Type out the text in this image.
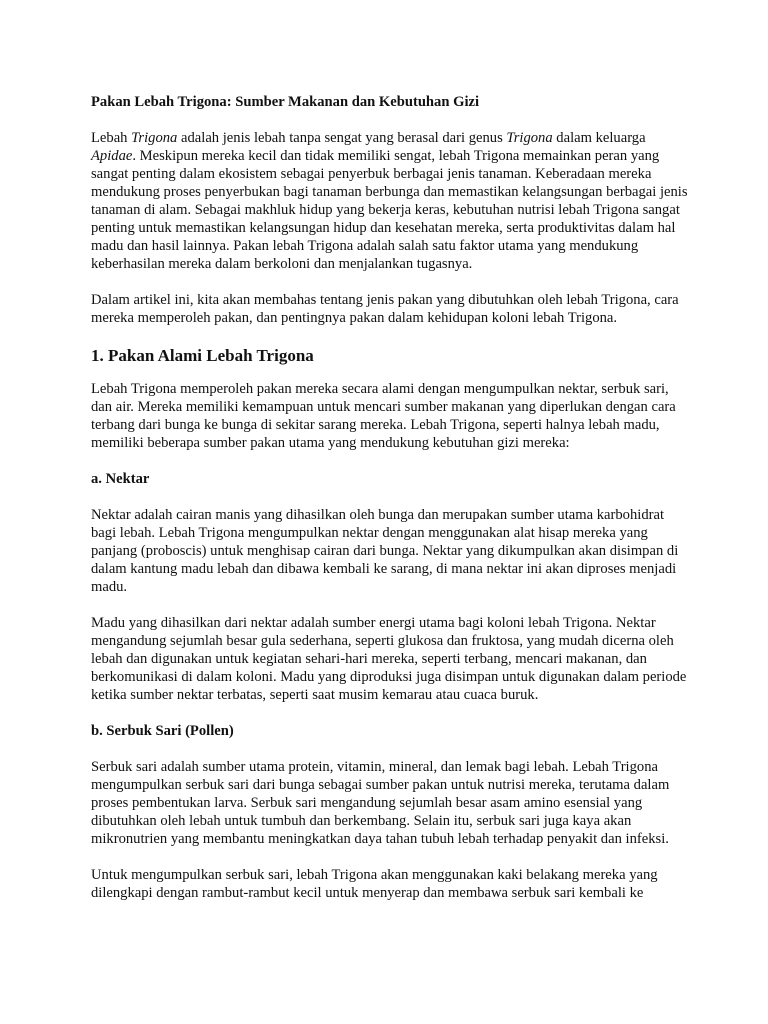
Pakan Lebah Trigona: Sumber Makanan dan Kebutuhan Gizi

Lebah Trigona adalah jenis lebah tanpa sengat yang berasal dari genus Trigona dalam keluarga Apidae. Meskipun mereka kecil dan tidak memiliki sengat, lebah Trigona memainkan peran yang sangat penting dalam ekosistem sebagai penyerbuk berbagai jenis tanaman. Keberadaan mereka mendukung proses penyerbukan bagi tanaman berbunga dan memastikan kelangsungan berbagai jenis tanaman di alam. Sebagai makhluk hidup yang bekerja keras, kebutuhan nutrisi lebah Trigona sangat penting untuk memastikan kelangsungan hidup dan kesehatan mereka, serta produktivitas dalam hal madu dan hasil lainnya. Pakan lebah Trigona adalah salah satu faktor utama yang mendukung keberhasilan mereka dalam berkoloni dan menjalankan tugasnya.

Dalam artikel ini, kita akan membahas tentang jenis pakan yang dibutuhkan oleh lebah Trigona, cara mereka memperoleh pakan, dan pentingnya pakan dalam kehidupan koloni lebah Trigona.

1. Pakan Alami Lebah Trigona

Lebah Trigona memperoleh pakan mereka secara alami dengan mengumpulkan nektar, serbuk sari, dan air. Mereka memiliki kemampuan untuk mencari sumber makanan yang diperlukan dengan cara terbang dari bunga ke bunga di sekitar sarang mereka. Lebah Trigona, seperti halnya lebah madu, memiliki beberapa sumber pakan utama yang mendukung kebutuhan gizi mereka:

a. Nektar

Nektar adalah cairan manis yang dihasilkan oleh bunga dan merupakan sumber utama karbohidrat bagi lebah. Lebah Trigona mengumpulkan nektar dengan menggunakan alat hisap mereka yang panjang (proboscis) untuk menghisap cairan dari bunga. Nektar yang dikumpulkan akan disimpan di dalam kantung madu lebah dan dibawa kembali ke sarang, di mana nektar ini akan diproses menjadi madu.

Madu yang dihasilkan dari nektar adalah sumber energi utama bagi koloni lebah Trigona. Nektar mengandung sejumlah besar gula sederhana, seperti glukosa dan fruktosa, yang mudah dicerna oleh lebah dan digunakan untuk kegiatan sehari-hari mereka, seperti terbang, mencari makanan, dan berkomunikasi di dalam koloni. Madu yang diproduksi juga disimpan untuk digunakan dalam periode ketika sumber nektar terbatas, seperti saat musim kemarau atau cuaca buruk.

b. Serbuk Sari (Pollen)

Serbuk sari adalah sumber utama protein, vitamin, mineral, dan lemak bagi lebah. Lebah Trigona mengumpulkan serbuk sari dari bunga sebagai sumber pakan untuk nutrisi mereka, terutama dalam proses pembentukan larva. Serbuk sari mengandung sejumlah besar asam amino esensial yang dibutuhkan oleh lebah untuk tumbuh dan berkembang. Selain itu, serbuk sari juga kaya akan mikronutrien yang membantu meningkatkan daya tahan tubuh lebah terhadap penyakit dan infeksi.

Untuk mengumpulkan serbuk sari, lebah Trigona akan menggunakan kaki belakang mereka yang dilengkapi dengan rambut-rambut kecil untuk menyerap dan membawa serbuk sari kembali ke
